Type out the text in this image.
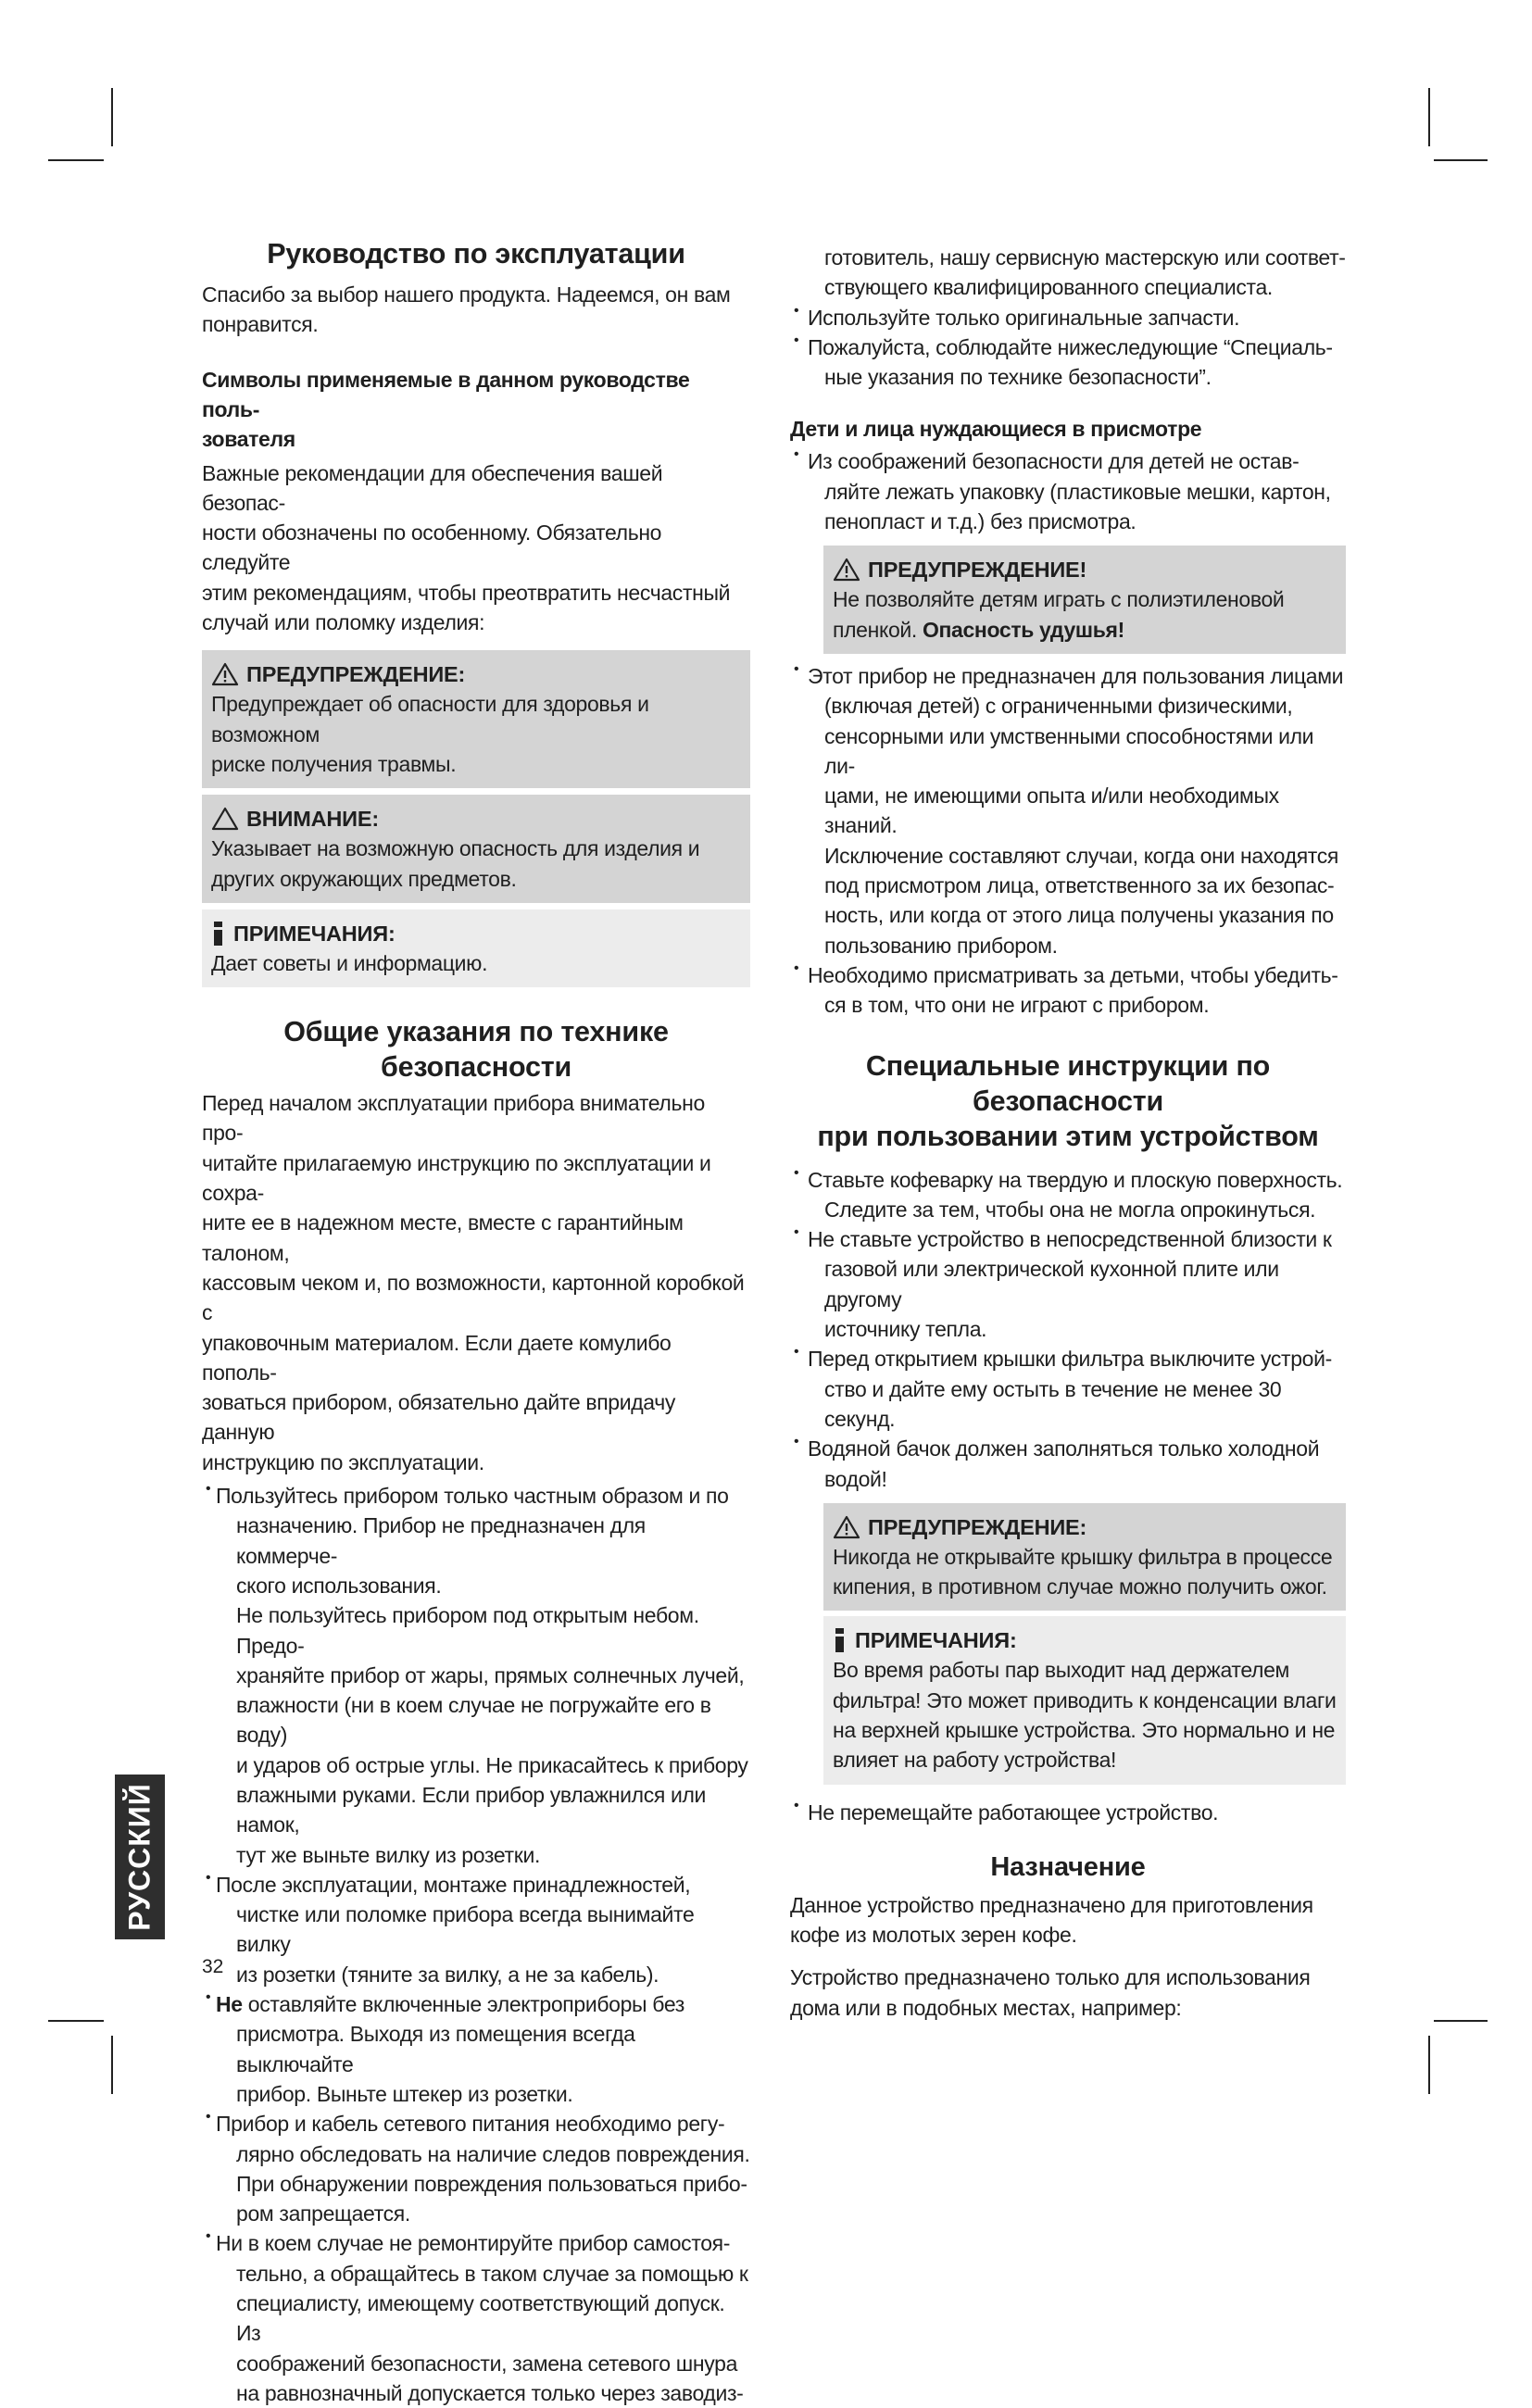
РУССКИЙ
32
Руководство по эксплуатации

Спасибо за выбор нашего продукта. Надеемся, он вам

понравится.

Символы применяемые в данном руководстве поль-

зователя

Важные рекомендации для обеспечения вашей безопас-

ности обозначены по особенному. Обязательно следуйте

этим рекомендациям, чтобы преотвратить несчастный

случай или поломку изделия:

ПРЕДУПРЕЖДЕНИЕ:

Предупреждает об опасности для здоровья и возможном

риске получения травмы.

ВНИМАНИЕ:

Указывает на возможную опасность для изделия и

других окружающих предметов.

ПРИМЕЧАНИЯ:

Дает советы и информацию.

Общие указания по технике безопасности

Перед началом эксплуатации прибора внимательно про-

читайте прилагаемую инструкцию по эксплуатации и сохра-

ните ее в надежном месте, вместе с гарантийным талоном,

кассовым чеком и, по возможности, картонной коробкой с

упаковочным материалом. Если даете комулибо пополь-

зоваться прибором, обязательно дайте впридачу данную

инструкцию по эксплуатации.

• Пользуйтесь прибором только частным образом и по

назначению. Прибор не предназначен для коммерче-

ского использования.

Не пользуйтесь прибором под открытым небом. Предо-

храняйте прибор от жары, прямых солнечных лучей,

влажности (ни в коем случае не погружайте его в воду)

и ударов об острые углы. Не прикасайтесь к прибору

влажными руками. Если прибор увлажнился или намок,

тут же выньте вилку из розетки.

• После эксплуатации, монтаже принадлежностей,

чистке или поломке прибора всегда вынимайте вилку

из розетки (тяните за вилку, а не за кабель).

• Не оставляйте включенные электроприборы без

присмотра. Выходя из помещения всегда выключайте

прибор. Выньте штекер из розетки.

• Прибор и кабель сетевого питания необходимо регу-

лярно обследовать на наличие следов повреждения.

При обнаружении повреждения пользоваться прибо-

ром запрещается.

• Ни в коем случае не ремонтируйте прибор самостоя-

тельно, а обращайтесь в таком случае за помощью к

специалисту, имеющему соответствующий допуск. Из

соображений безопасности, замена сетевого шнура

на равнозначный допускается только через заводиз-

готовитель, нашу сервисную мастерскую или соответ-

ствующего квалифицированного специалиста.

• Используйте только оригинальные запчасти.

• Пожалуйста, соблюдайте нижеследующие “Специаль-

ные указания по технике безопасности”.

Дети и лица нуждающиеся в присмотре

• Из соображений безопасности для детей не остав-

ляйте лежать упаковку (пластиковые мешки, картон,

пенопласт и т.д.) без присмотра.

ПРЕДУПРЕЖДЕНИЕ!

Не позволяйте детям играть с полиэтиленовой

пленкой. Опасность удушья!

• Этот прибор не предназначен для пользования лицами

(включая детей) с ограниченными физическими,

сенсорными или умственными способностями или ли-

цами, не имеющими опыта и/или необходимых знаний.

Исключение составляют случаи, когда они находятся

под присмотром лица, ответственного за их безопас-

ность, или когда от этого лица получены указания по

пользованию прибором.

• Необходимо присматривать за детьми, чтобы убедить-

ся в том, что они не играют с прибором.

Специальные инструкции по безопасности
при пользовании этим устройством
• Ставьте кофеварку на твердую и плоскую поверхность.

Следите за тем, чтобы она не могла опрокинуться.

• Не ставьте устройство в непосредственной близости к

газовой или электрической кухонной плите или другому

источнику тепла.

• Перед открытием крышки фильтра выключите устрой-

ство и дайте ему остыть в течение не менее 30 секунд.

• Водяной бачок должен заполняться только холодной

водой!

ПРЕДУПРЕЖДЕНИЕ:

Никогда не открывайте крышку фильтра в процессе

кипения, в противном случае можно получить ожог.

ПРИМЕЧАНИЯ:

Во время работы пар выходит над держателем

фильтра! Это может приводить к конденсации влаги

на верхней крышке устройства. Это нормально и не

влияет на работу устройства!

• Не перемещайте работающее устройство.

Назначение

Данное устройство предназначено для приготовления

кофе из молотых зерен кофе.

Устройство предназначено только для использования

дома или в подобных местах, например:
